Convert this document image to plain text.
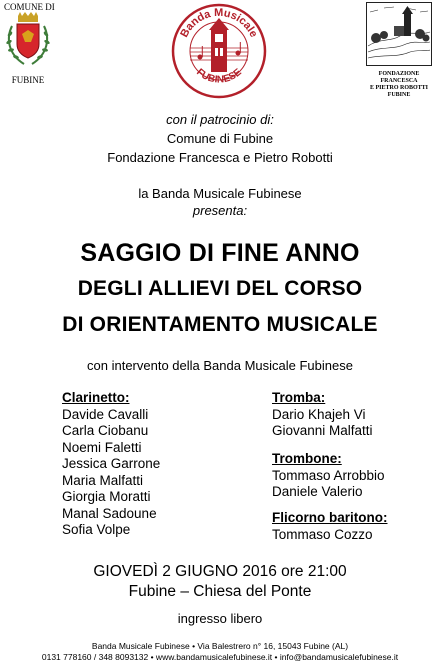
COMUNE DI
FUBINE
Banda Musicale
FUBINESE	FONDAZIONE FRANCESCA
E PIETRO ROBOTTI
FUBINE
con il patrocinio di:
Comune di Fubine
Fondazione Francesca e Pietro Robotti
la Banda Musicale Fubinese
presenta:
SAGGIO DI FINE ANNO
DEGLI ALLIEVI DEL CORSO
DI ORIENTAMENTO MUSICALE
con intervento della Banda Musicale Fubinese
Clarinetto:
Davide Cavalli
Carla Ciobanu
Noemi Faletti
Jessica Garrone
Maria Malfatti
Giorgia Moratti
Manal Sadoune
Sofia Volpe
Tromba:
Dario Khajeh Vi
Giovanni Malfatti
Trombone:
Tommaso Arrobbio
Daniele Valerio
Flicorno baritono:
Tommaso Cozzo
GIOVEDÌ 2 GIUGNO 2016 ore 21:00
Fubine – Chiesa del Ponte
ingresso libero
Banda Musicale Fubinese • Via Balestrero n° 16, 15043 Fubine (AL)
0131 778160 / 348 8093132 • www.bandamusicalefubinese.it • info@bandamusicalefubinese.it
